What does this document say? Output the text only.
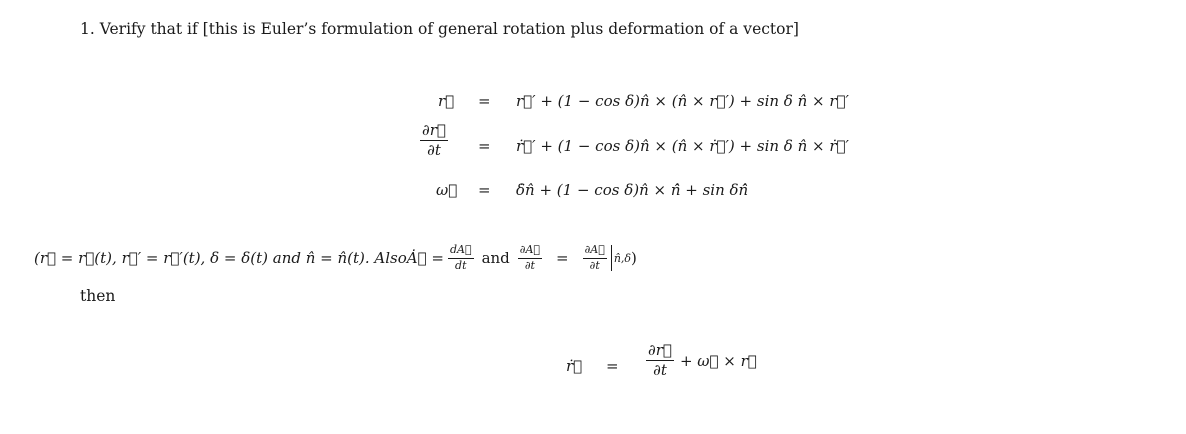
1. Verify that if [this is Euler’s formulation of general rotation plus deformation of a vector]
r⃗ = r⃗′ + (1 − cos δ)n̂ × (n̂ × r⃗′) + sin δ n̂ × r⃗′
$\frac{\partial r⃗}{\partial t}$ = ṙ⃗′ + (1 − cos δ)n̂ × (n̂ × ṙ⃗′) + sin δ n̂ × ṙ⃗′
ω⃗ = δ̇n̂ + (1 − cos δ)n̂ × ṅ̂ + sin δṅ̂
(r⃗ = r⃗(t), r⃗′ = r⃗′(t), δ = δ(t) and n̂ = n̂(t). AlsoȦ⃗ = $\frac{dA⃗}{dt}$ and $\frac{\partial A⃗}{\partial t} = \frac{\partial A⃗}{\partial t}$ n̂,δ )
then
ṙ⃗ = $\frac{\partial r⃗}{\partial t}$ + ω⃗ × r⃗
